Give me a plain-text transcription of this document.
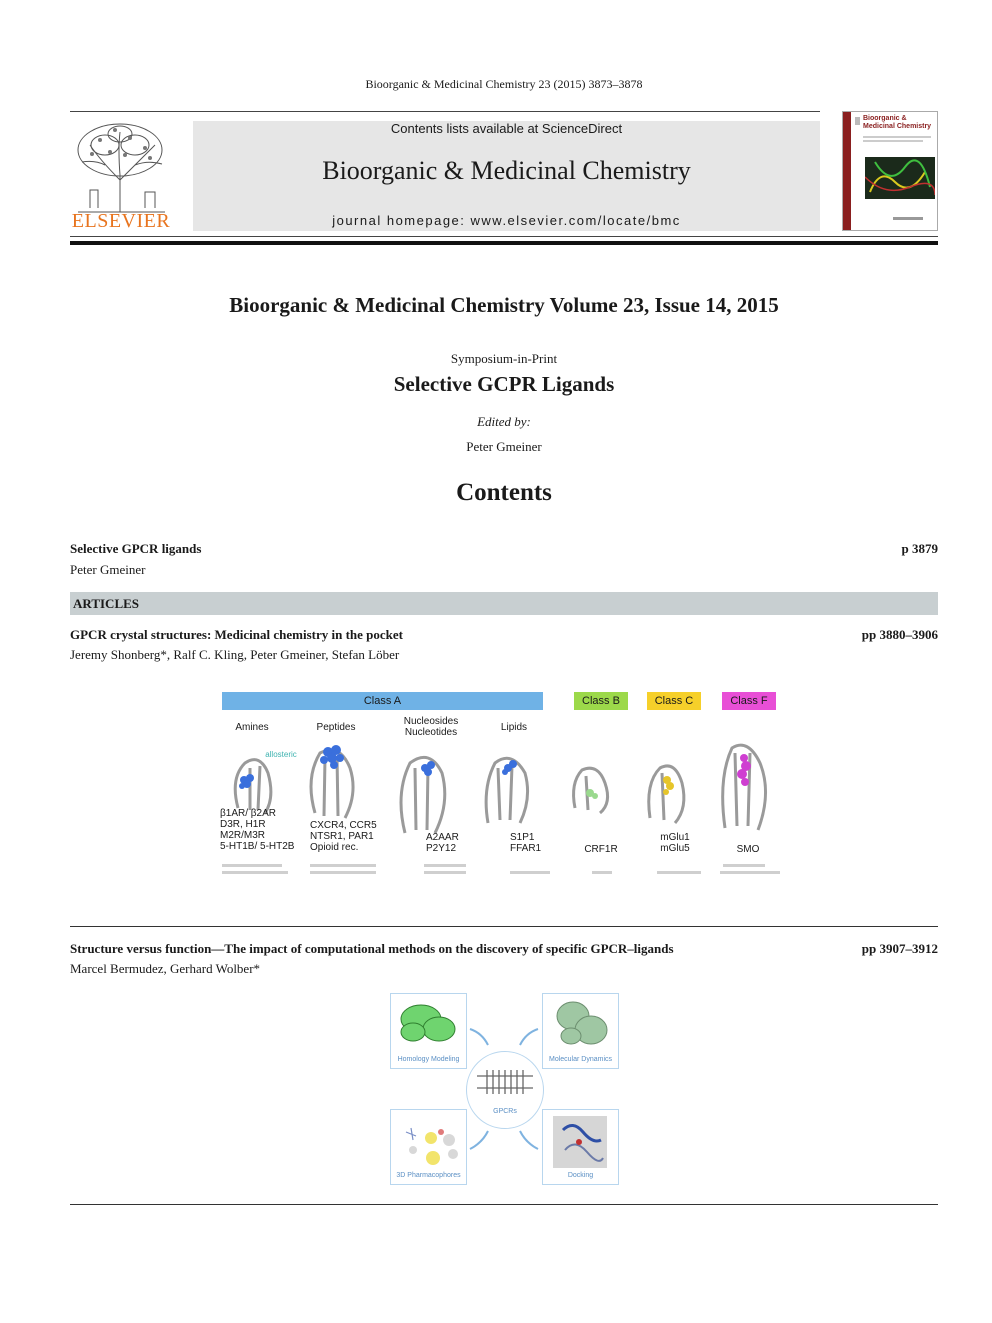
Bioorganic & Medicinal Chemistry 23 (2015) 3873–3878
ELSEVIER
Contents lists available at ScienceDirect
Bioorganic & Medicinal Chemistry
journal homepage: www.elsevier.com/locate/bmc
Bioorganic & Medicinal Chemistry
Bioorganic & Medicinal Chemistry Volume 23, Issue 14, 2015
Symposium-in-Print
Selective GCPR Ligands
Edited by:
Peter Gmeiner
Contents
Selective GPCR ligands	p 3879
Peter Gmeiner
ARTICLES
GPCR crystal structures: Medicinal chemistry in the pocket	pp 3880–3906
Jeremy Shonberg*, Ralf C. Kling, Peter Gmeiner, Stefan Löber
Class A	Class B	Class C	Class F
Amines	Peptides
Nucleosides Nucleotides	Lipids
allosteric
β1AR/ β2AR
D3R, H1R
M2R/M3R
5-HT1B/ 5-HT2B
CXCR4, CCR5
NTSR1, PAR1
Opioid rec.
A2AAR
P2Y12
S1P1
FFAR1	CRF1R
mGlu1
mGlu5	SMO
Structure versus function—The impact of computational methods on the discovery of specific GPCR–ligands	pp 3907–3912
Marcel Bermudez, Gerhard Wolber*
Homology Modeling	Molecular Dynamics
GPCRs
3D Pharmacophores	Docking
